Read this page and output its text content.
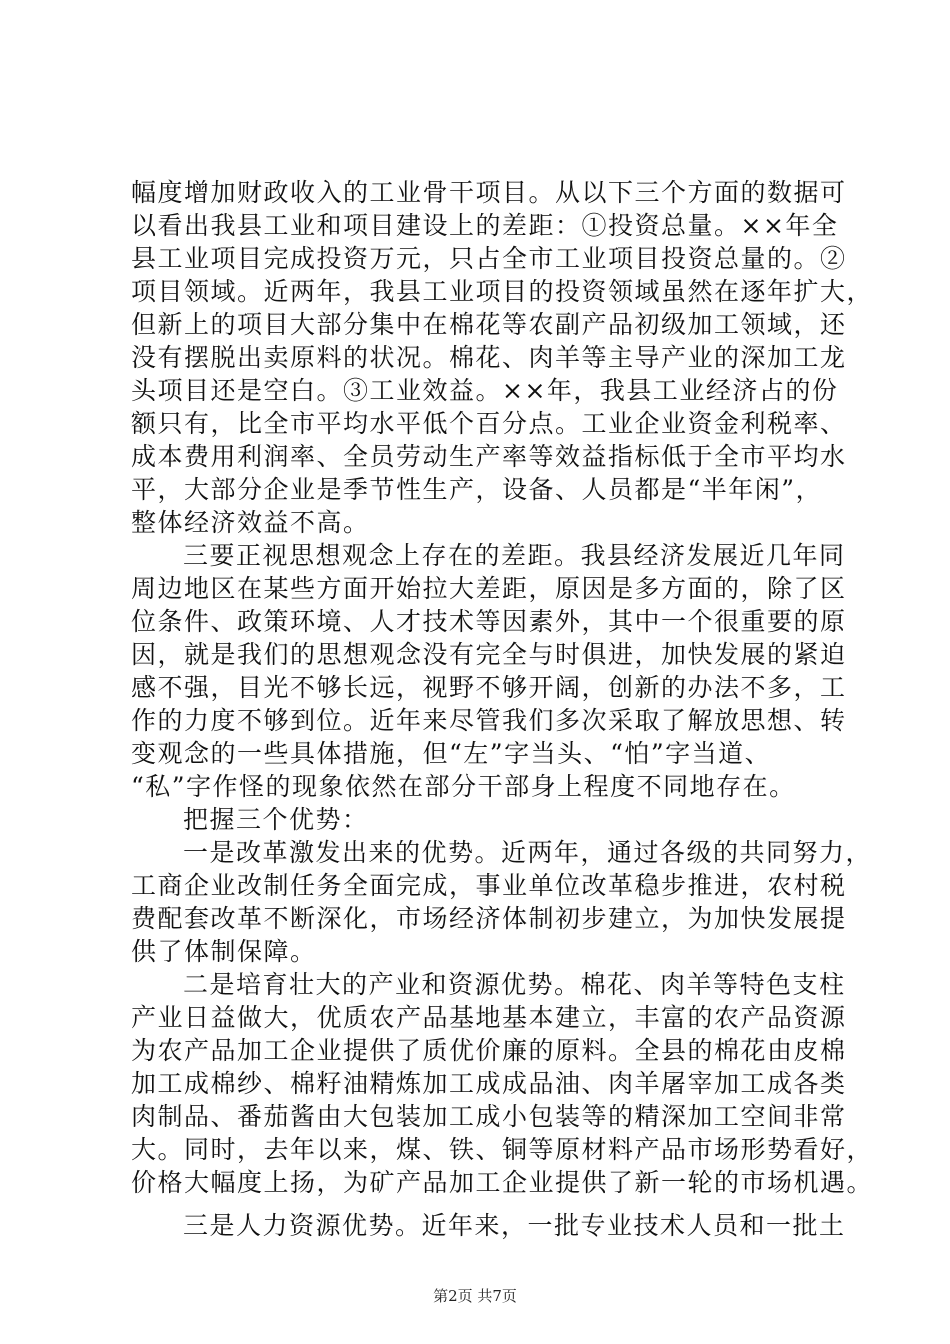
幅度增加财政收入的工业骨干项目。从以下三个方面的数据可
以看出我县工业和项目建设上的差距：①投资总量。××年全
县工业项目完成投资万元，只占全市工业项目投资总量的。②
项目领域。近两年，我县工业项目的投资领域虽然在逐年扩大，
但新上的项目大部分集中在棉花等农副产品初级加工领域，还
没有摆脱出卖原料的状况。棉花、肉羊等主导产业的深加工龙
头项目还是空白。③工业效益。××年，我县工业经济占的份
额只有，比全市平均水平低个百分点。工业企业资金利税率、
成本费用利润率、全员劳动生产率等效益指标低于全市平均水
平，大部分企业是季节性生产，设备、人员都是“半年闲”，
整体经济效益不高。
三要正视思想观念上存在的差距。我县经济发展近几年同
周边地区在某些方面开始拉大差距，原因是多方面的，除了区
位条件、政策环境、人才技术等因素外，其中一个很重要的原
因，就是我们的思想观念没有完全与时俱进，加快发展的紧迫
感不强，目光不够长远，视野不够开阔，创新的办法不多，工
作的力度不够到位。近年来尽管我们多次采取了解放思想、转
变观念的一些具体措施，但“左”字当头、“怕”字当道、
“私”字作怪的现象依然在部分干部身上程度不同地存在。
把握三个优势：
一是改革激发出来的优势。近两年，通过各级的共同努力，
工商企业改制任务全面完成，事业单位改革稳步推进，农村税
费配套改革不断深化，市场经济体制初步建立，为加快发展提
供了体制保障。
二是培育壮大的产业和资源优势。棉花、肉羊等特色支柱
产业日益做大，优质农产品基地基本建立，丰富的农产品资源
为农产品加工企业提供了质优价廉的原料。全县的棉花由皮棉
加工成棉纱、棉籽油精炼加工成成品油、肉羊屠宰加工成各类
肉制品、番茄酱由大包装加工成小包装等的精深加工空间非常
大。同时，去年以来，煤、铁、铜等原材料产品市场形势看好，
价格大幅度上扬，为矿产品加工企业提供了新一轮的市场机遇。
三是人力资源优势。近年来，一批专业技术人员和一批土
第2页 共7页
